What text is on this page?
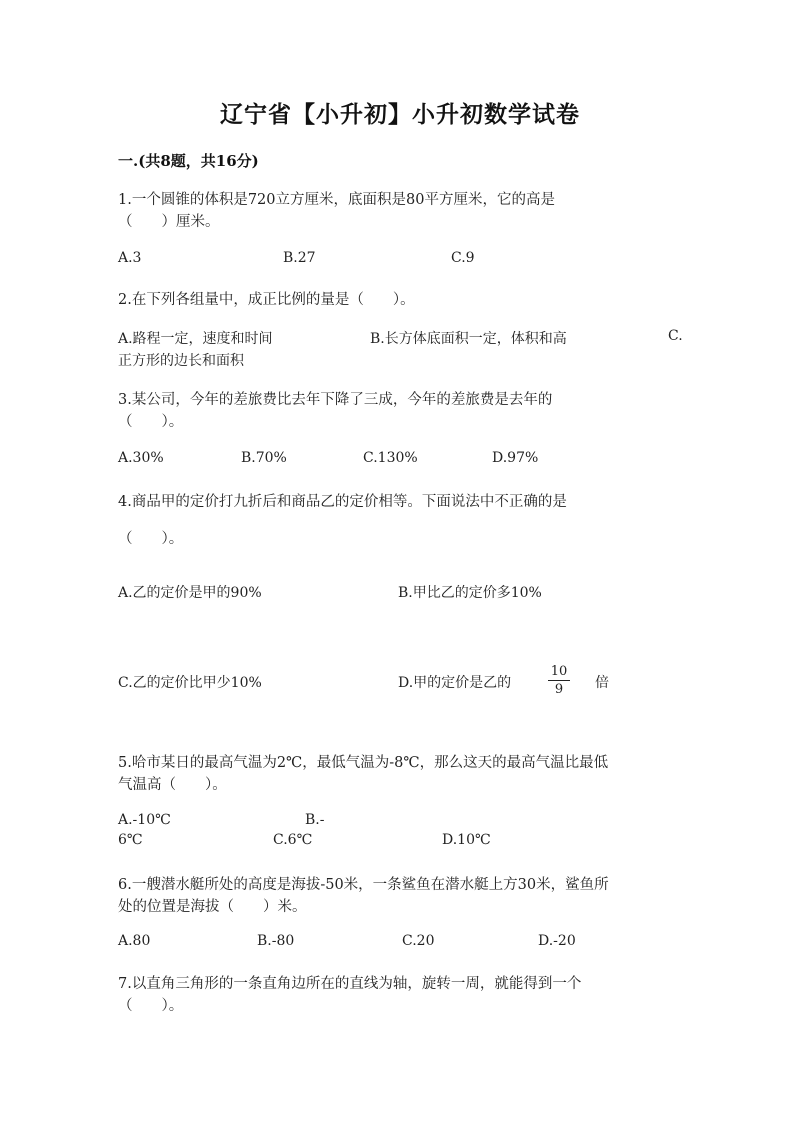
辽宁省【小升初】小升初数学试卷
一.(共8题，共16分)
1.一个圆锥的体积是720立方厘米，底面积是80平方厘米，它的高是
（　　）厘米。
A.3	B.27	C.9
2.在下列各组量中，成正比例的量是（　　）。
A.路程一定，速度和时间	B.长方体底面积一定，体积和高	C.
正方形的边长和面积
3.某公司，今年的差旅费比去年下降了三成，今年的差旅费是去年的
（　　）。
A.30%	B.70%	C.130%	D.97%
4.商品甲的定价打九折后和商品乙的定价相等。下面说法中不正确的是
（　　）。
A.乙的定价是甲的90%	B.甲比乙的定价多10%
C.乙的定价比甲少10%	D.甲的定价是乙的
10
9	倍
5.哈市某日的最高气温为2℃，最低气温为-8℃，那么这天的最高气温比最低
气温高（　　）。
A.-10℃	B.-
6℃	C.6℃	D.10℃
6.一艘潜水艇所处的高度是海拔-50米，一条鲨鱼在潜水艇上方30米，鲨鱼所
处的位置是海拔（　　）米。
A.80	B.-80	C.20	D.-20
7.以直角三角形的一条直角边所在的直线为轴，旋转一周，就能得到一个
（　　）。
